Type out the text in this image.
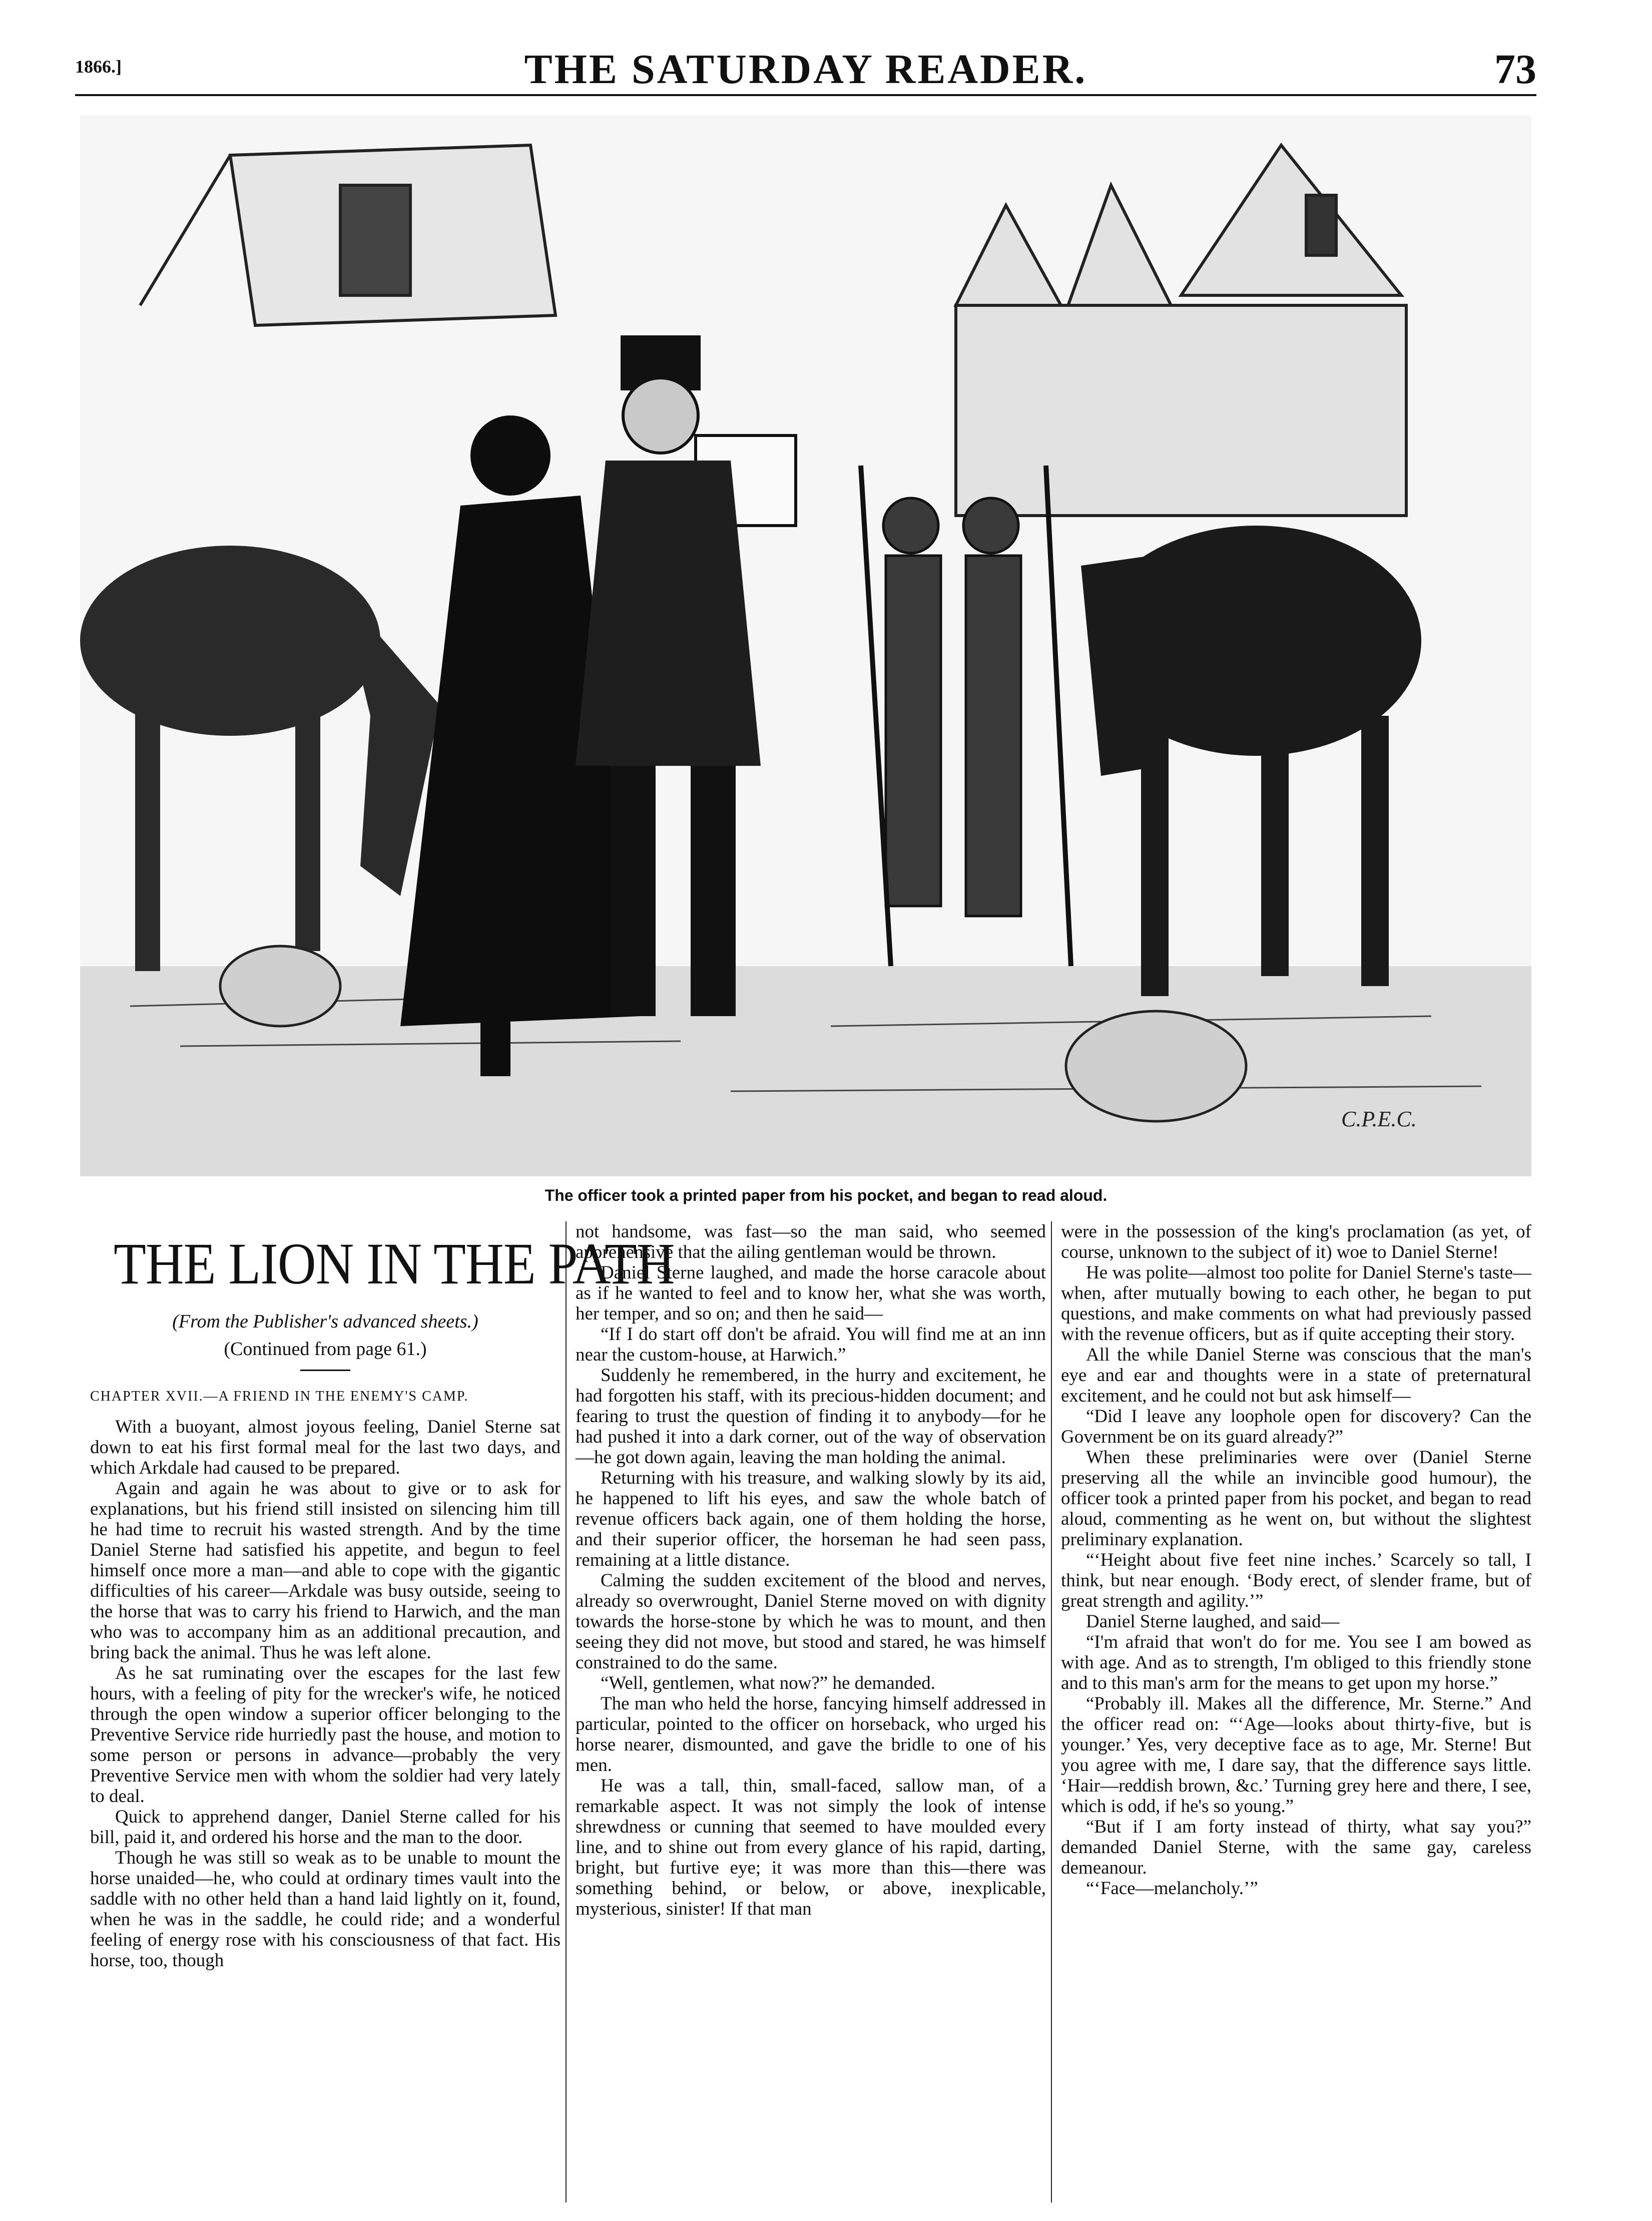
1866.]	THE SATURDAY READER.	73
C.P.E.C.
The officer took a printed paper from his pocket, and began to read aloud.
THE LION IN THE PATH
(From the Publisher's advanced sheets.)
(Continued from page 61.)
CHAPTER XVII.—A FRIEND IN THE ENEMY'S CAMP.

With a buoyant, almost joyous feeling, Daniel Sterne sat down to eat his first formal meal for the last two days, and which Arkdale had caused to be prepared.

Again and again he was about to give or to ask for explanations, but his friend still insisted on silencing him till he had time to recruit his wasted strength. And by the time Daniel Sterne had satisfied his appetite, and begun to feel himself once more a man—and able to cope with the gigantic difficulties of his career—Arkdale was busy outside, seeing to the horse that was to carry his friend to Harwich, and the man who was to accompany him as an additional precaution, and bring back the animal. Thus he was left alone.

As he sat ruminating over the escapes for the last few hours, with a feeling of pity for the wrecker's wife, he noticed through the open window a superior officer belonging to the Preventive Service ride hurriedly past the house, and motion to some person or persons in advance—probably the very Preventive Service men with whom the soldier had very lately to deal.

Quick to apprehend danger, Daniel Sterne called for his bill, paid it, and ordered his horse and the man to the door.

Though he was still so weak as to be unable to mount the horse unaided—he, who could at ordinary times vault into the saddle with no other held than a hand laid lightly on it, found, when he was in the saddle, he could ride; and a wonderful feeling of energy rose with his consciousness of that fact. His horse, too, though

not handsome, was fast—so the man said, who seemed apprehensive that the ailing gentleman would be thrown.

Daniel Sterne laughed, and made the horse caracole about as if he wanted to feel and to know her, what she was worth, her temper, and so on; and then he said—

“If I do start off don't be afraid. You will find me at an inn near the custom-house, at Harwich.”

Suddenly he remembered, in the hurry and excitement, he had forgotten his staff, with its precious-hidden document; and fearing to trust the question of finding it to anybody—for he had pushed it into a dark corner, out of the way of observation—he got down again, leaving the man holding the animal.

Returning with his treasure, and walking slowly by its aid, he happened to lift his eyes, and saw the whole batch of revenue officers back again, one of them holding the horse, and their superior officer, the horseman he had seen pass, remaining at a little distance.

Calming the sudden excitement of the blood and nerves, already so overwrought, Daniel Sterne moved on with dignity towards the horse-stone by which he was to mount, and then seeing they did not move, but stood and stared, he was himself constrained to do the same.

“Well, gentlemen, what now?” he demanded.

The man who held the horse, fancying himself addressed in particular, pointed to the officer on horseback, who urged his horse nearer, dismounted, and gave the bridle to one of his men.

He was a tall, thin, small-faced, sallow man, of a remarkable aspect. It was not simply the look of intense shrewdness or cunning that seemed to have moulded every line, and to shine out from every glance of his rapid, darting, bright, but furtive eye; it was more than this—there was something behind, or below, or above, inexplicable, mysterious, sinister! If that man

were in the possession of the king's proclamation (as yet, of course, unknown to the subject of it) woe to Daniel Sterne!

He was polite—almost too polite for Daniel Sterne's taste—when, after mutually bowing to each other, he began to put questions, and make comments on what had previously passed with the revenue officers, but as if quite accepting their story.

All the while Daniel Sterne was conscious that the man's eye and ear and thoughts were in a state of preternatural excitement, and he could not but ask himself—

“Did I leave any loophole open for discovery? Can the Government be on its guard already?”

When these preliminaries were over (Daniel Sterne preserving all the while an invincible good humour), the officer took a printed paper from his pocket, and began to read aloud, commenting as he went on, but without the slightest preliminary explanation.

“‘Height about five feet nine inches.’ Scarcely so tall, I think, but near enough. ‘Body erect, of slender frame, but of great strength and agility.’”

Daniel Sterne laughed, and said—

“I'm afraid that won't do for me. You see I am bowed as with age. And as to strength, I'm obliged to this friendly stone and to this man's arm for the means to get upon my horse.”

“Probably ill. Makes all the difference, Mr. Sterne.” And the officer read on: “‘Age—looks about thirty-five, but is younger.’ Yes, very deceptive face as to age, Mr. Sterne! But you agree with me, I dare say, that the difference says little. ‘Hair—reddish brown, &c.’ Turning grey here and there, I see, which is odd, if he's so young.”

“But if I am forty instead of thirty, what say you?” demanded Daniel Sterne, with the same gay, careless demeanour.

“‘Face—melancholy.’”
